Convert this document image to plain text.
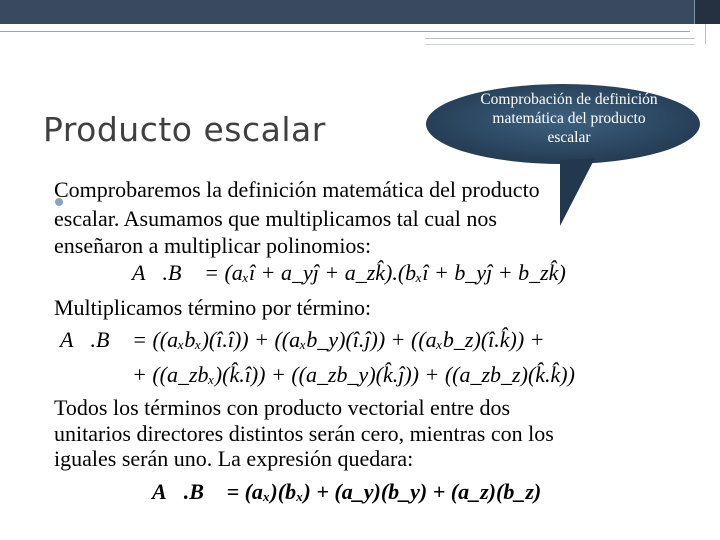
Producto escalar
Comprobación de definición matemática del producto escalar
Comprobaremos la definición matemática del producto
escalar. Asumamos que multiplicamos tal cual nos
enseñaron a multiplicar polinomios:
A⃗.B⃗ = (aₓî + a_yĵ + a_zk̂).(bₓî + b_yĵ + b_zk̂)
Multiplicamos término por término:
A⃗.B⃗ = ((aₓbₓ)(î.î)) + ((aₓb_y)(î.ĵ)) + ((aₓb_z)(î.k̂)) + ⋯
+ ((a_zbₓ)(k̂.î)) + ((a_zb_y)(k̂.ĵ)) + ((a_zb_z)(k̂.k̂))
Todos los términos con producto vectorial entre dos
unitarios directores distintos serán cero, mientras con los
iguales serán uno. La expresión quedara:
A⃗.B⃗ = (aₓ)(bₓ) + (a_y)(b_y) + (a_z)(b_z)
